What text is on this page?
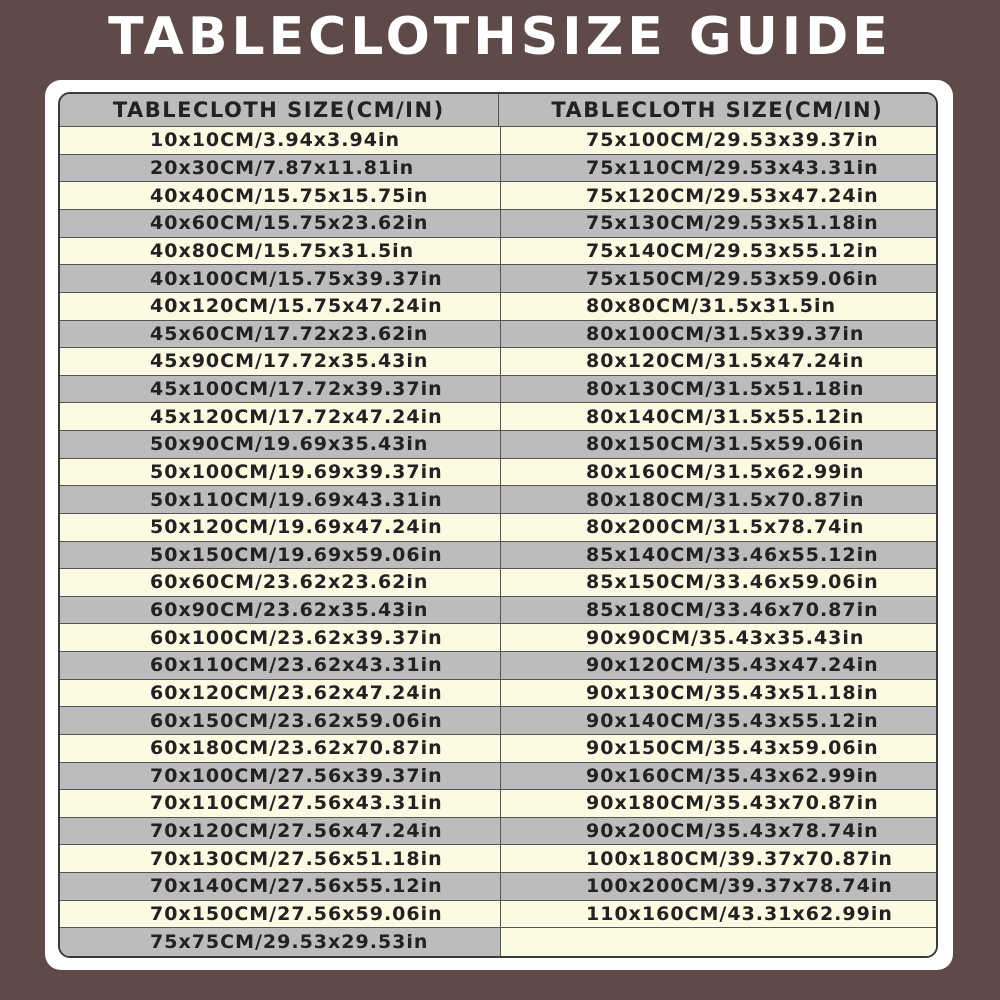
TABLECLOTHSIZE GUIDE
TABLECLOTH SIZE(CM/IN)	TABLECLOTH SIZE(CM/IN)
10x10CM/3.94x3.94in	75x100CM/29.53x39.37in
20x30CM/7.87x11.81in	75x110CM/29.53x43.31in
40x40CM/15.75x15.75in	75x120CM/29.53x47.24in
40x60CM/15.75x23.62in	75x130CM/29.53x51.18in
40x80CM/15.75x31.5in	75x140CM/29.53x55.12in
40x100CM/15.75x39.37in	75x150CM/29.53x59.06in
40x120CM/15.75x47.24in	80x80CM/31.5x31.5in
45x60CM/17.72x23.62in	80x100CM/31.5x39.37in
45x90CM/17.72x35.43in	80x120CM/31.5x47.24in
45x100CM/17.72x39.37in	80x130CM/31.5x51.18in
45x120CM/17.72x47.24in	80x140CM/31.5x55.12in
50x90CM/19.69x35.43in	80x150CM/31.5x59.06in
50x100CM/19.69x39.37in	80x160CM/31.5x62.99in
50x110CM/19.69x43.31in	80x180CM/31.5x70.87in
50x120CM/19.69x47.24in	80x200CM/31.5x78.74in
50x150CM/19.69x59.06in	85x140CM/33.46x55.12in
60x60CM/23.62x23.62in	85x150CM/33.46x59.06in
60x90CM/23.62x35.43in	85x180CM/33.46x70.87in
60x100CM/23.62x39.37in	90x90CM/35.43x35.43in
60x110CM/23.62x43.31in	90x120CM/35.43x47.24in
60x120CM/23.62x47.24in	90x130CM/35.43x51.18in
60x150CM/23.62x59.06in	90x140CM/35.43x55.12in
60x180CM/23.62x70.87in	90x150CM/35.43x59.06in
70x100CM/27.56x39.37in	90x160CM/35.43x62.99in
70x110CM/27.56x43.31in	90x180CM/35.43x70.87in
70x120CM/27.56x47.24in	90x200CM/35.43x78.74in
70x130CM/27.56x51.18in	100x180CM/39.37x70.87in
70x140CM/27.56x55.12in	100x200CM/39.37x78.74in
70x150CM/27.56x59.06in	110x160CM/43.31x62.99in
75x75CM/29.53x29.53in
